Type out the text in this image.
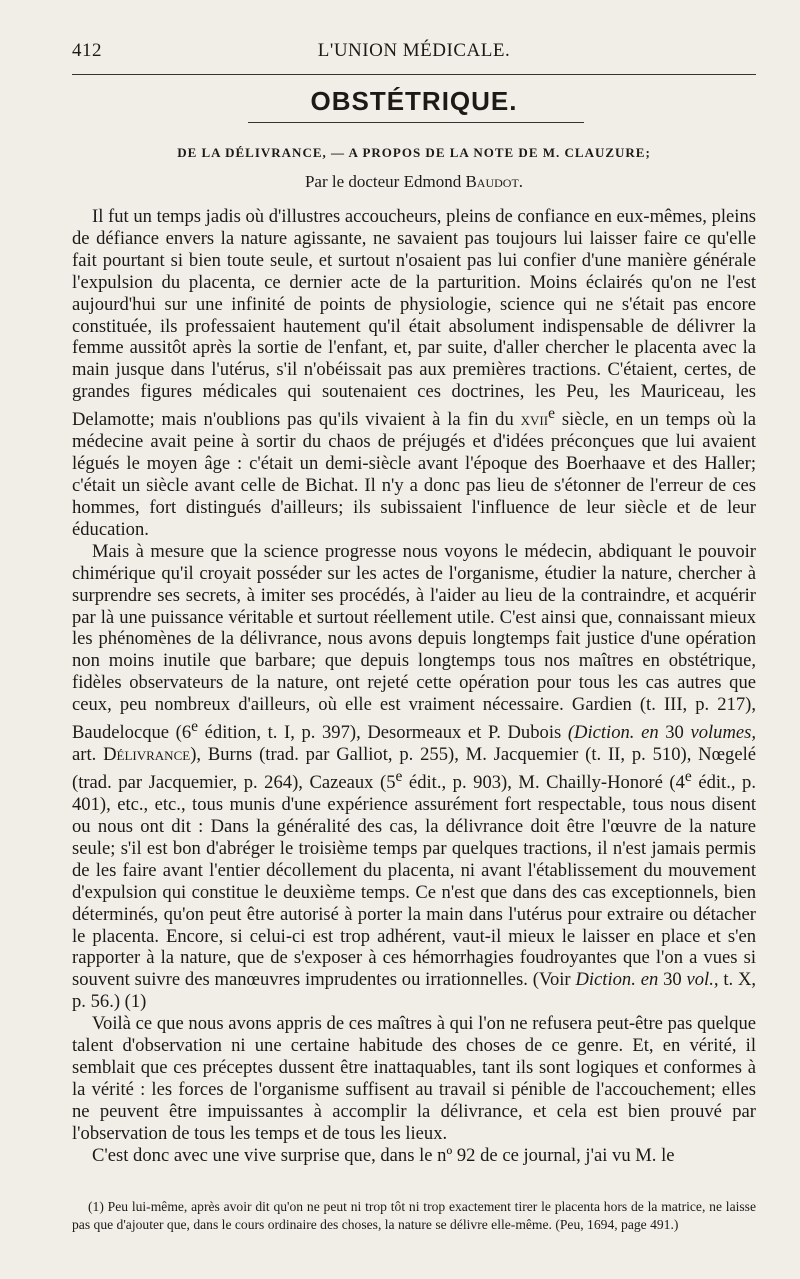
412	L'UNION MÉDICALE.
OBSTÉTRIQUE.
DE LA DÉLIVRANCE, — A PROPOS DE LA NOTE DE M. CLAUZURE;
Par le docteur Edmond Baudot.

Il fut un temps jadis où d'illustres accoucheurs, pleins de confiance en eux-mêmes, pleins de défiance envers la nature agissante, ne savaient pas toujours lui laisser faire ce qu'elle fait pourtant si bien toute seule, et surtout n'osaient pas lui confier d'une manière générale l'expulsion du placenta, ce dernier acte de la parturition. Moins éclairés qu'on ne l'est aujourd'hui sur une infinité de points de physiologie, science qui ne s'était pas encore constituée, ils professaient hautement qu'il était absolument indispensable de délivrer la femme aussitôt après la sortie de l'enfant, et, par suite, d'aller chercher le placenta avec la main jusque dans l'utérus, s'il n'obéissait pas aux premières tractions. C'étaient, certes, de grandes figures médicales qui soutenaient ces doctrines, les Peu, les Mauriceau, les Delamotte; mais n'oublions pas qu'ils vivaient à la fin du xvii$^e$ siècle, en un temps où la médecine avait peine à sortir du chaos de préjugés et d'idées préconçues que lui avaient légués le moyen âge : c'était un demi-siècle avant l'époque des Boerhaave et des Haller; c'était un siècle avant celle de Bichat. Il n'y a donc pas lieu de s'étonner de l'erreur de ces hommes, fort distingués d'ailleurs; ils subissaient l'influence de leur siècle et de leur éducation.

Mais à mesure que la science progresse nous voyons le médecin, abdiquant le pouvoir chimérique qu'il croyait posséder sur les actes de l'organisme, étudier la nature, chercher à surprendre ses secrets, à imiter ses procédés, à l'aider au lieu de la contraindre, et acquérir par là une puissance véritable et surtout réellement utile. C'est ainsi que, connaissant mieux les phénomènes de la délivrance, nous avons depuis longtemps fait justice d'une opération non moins inutile que barbare; que depuis longtemps tous nos maîtres en obstétrique, fidèles observateurs de la nature, ont rejeté cette opération pour tous les cas autres que ceux, peu nombreux d'ailleurs, où elle est vraiment nécessaire. Gardien (t. III, p. 217), Baudelocque (6e édition, t. I, p. 397), Desormeaux et P. Dubois (Diction. en 30 volumes, art. Délivrance), Burns (trad. par Galliot, p. 255), M. Jacquemier (t. II, p. 510), Nœgelé (trad. par Jacquemier, p. 264), Cazeaux (5e édit., p. 903), M. Chailly-Honoré (4e édit., p. 401), etc., etc., tous munis d'une expérience assurément fort respectable, tous nous disent ou nous ont dit : Dans la généralité des cas, la délivrance doit être l'œuvre de la nature seule; s'il est bon d'abréger le troisième temps par quelques tractions, il n'est jamais permis de les faire avant l'entier décollement du placenta, ni avant l'établissement du mouvement d'expulsion qui constitue le deuxième temps. Ce n'est que dans des cas exceptionnels, bien déterminés, qu'on peut être autorisé à porter la main dans l'utérus pour extraire ou détacher le placenta. Encore, si celui-ci est trop adhérent, vaut-il mieux le laisser en place et s'en rapporter à la nature, que de s'exposer à ces hémorrhagies foudroyantes que l'on a vues si souvent suivre des manœuvres imprudentes ou irrationnelles. (Voir Diction. en 30 vol., t. X, p. 56.) (1)

Voilà ce que nous avons appris de ces maîtres à qui l'on ne refusera peut-être pas quelque talent d'observation ni une certaine habitude des choses de ce genre. Et, en vérité, il semblait que ces préceptes dussent être inattaquables, tant ils sont logiques et conformes à la vérité : les forces de l'organisme suffisent au travail si pénible de l'accouchement; elles ne peuvent être impuissantes à accomplir la délivrance, et cela est bien prouvé par l'observation de tous les temps et de tous les lieux.

C'est donc avec une vive surprise que, dans le nº 92 de ce journal, j'ai vu M. le

(1) Peu lui-même, après avoir dit qu'on ne peut ni trop tôt ni trop exactement tirer le placenta hors de la matrice, ne laisse pas que d'ajouter que, dans le cours ordinaire des choses, la nature se délivre elle-même. (Peu, 1694, page 491.)
